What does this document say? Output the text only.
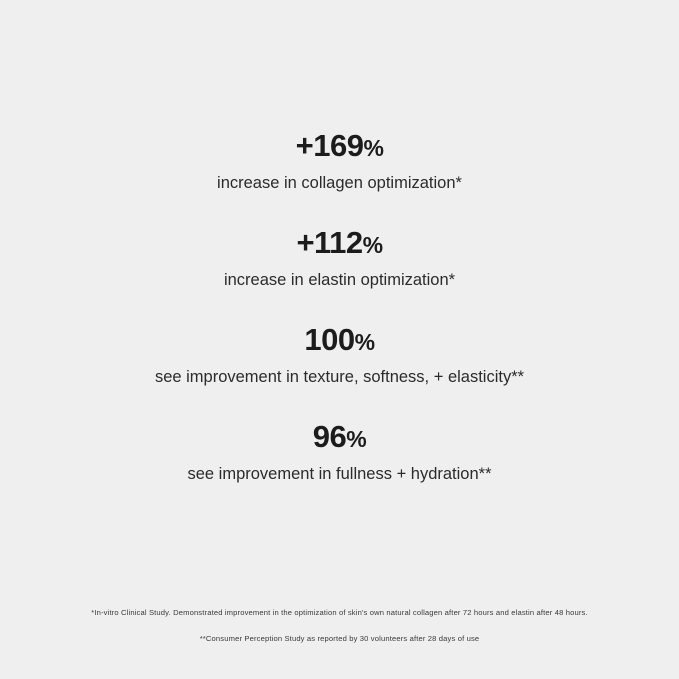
+169%
increase in collagen optimization*
+112%
increase in elastin optimization*
100%
see improvement in texture, softness, + elasticity**
96%
see improvement in fullness + hydration**
*In-vitro Clinical Study. Demonstrated improvement in the optimization of skin's own natural collagen after 72 hours and elastin after 48 hours.
**Consumer Perception Study as reported by 30 volunteers after 28 days of use
